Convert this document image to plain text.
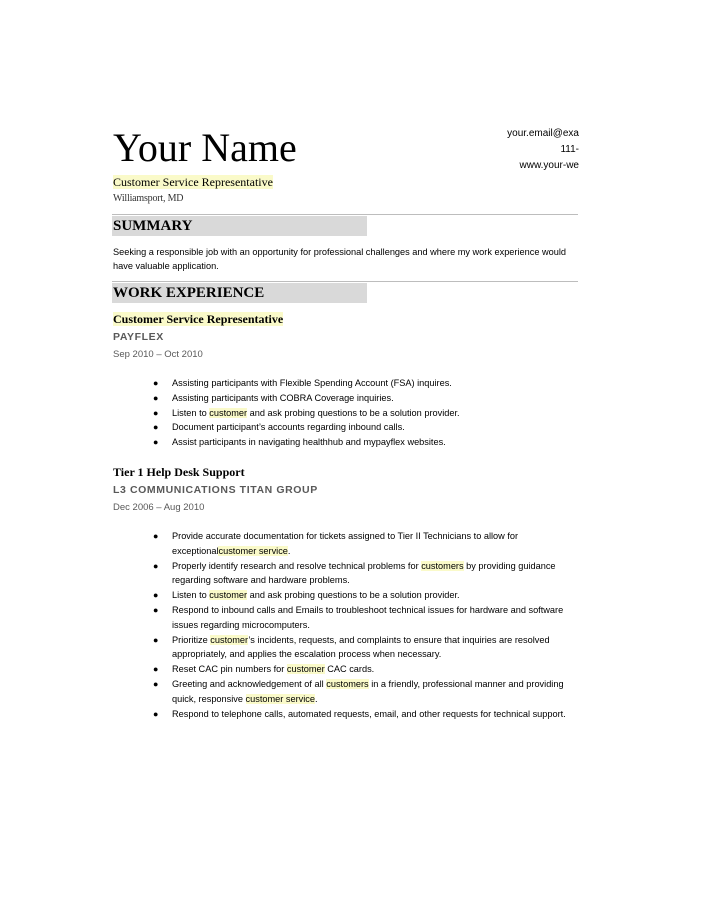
Your Name	your.email@exa
111-
www.your-we
Customer Service Representative
Williamsport, MD
SUMMARY
Seeking a responsible job with an opportunity for professional challenges and where my work experience would have valuable application.
WORK EXPERIENCE
Customer Service Representative
PAYFLEX
Sep 2010 – Oct 2010
● Assisting participants with Flexible Spending Account (FSA) inquires.
● Assisting participants with COBRA Coverage inquiries.
● Listen to customer and ask probing questions to be a solution provider.
● Document participant’s accounts regarding inbound calls.
● Assist participants in navigating healthhub and mypayflex websites.
Tier 1 Help Desk Support
L3 COMMUNICATIONS TITAN GROUP
Dec 2006 – Aug 2010
● Provide accurate documentation for tickets assigned to Tier II Technicians to allow for exceptionalcustomer service.
● Properly identify research and resolve technical problems for customers by providing guidance regarding software and hardware problems.
● Listen to customer and ask probing questions to be a solution provider.
● Respond to inbound calls and Emails to troubleshoot technical issues for hardware and software issues regarding microcomputers.
● Prioritize customer’s incidents, requests, and complaints to ensure that inquiries are resolved appropriately, and applies the escalation process when necessary.
● Reset CAC pin numbers for customer CAC cards.
● Greeting and acknowledgement of all customers in a friendly, professional manner and providing quick, responsive customer service.
● Respond to telephone calls, automated requests, email, and other requests for technical support.
